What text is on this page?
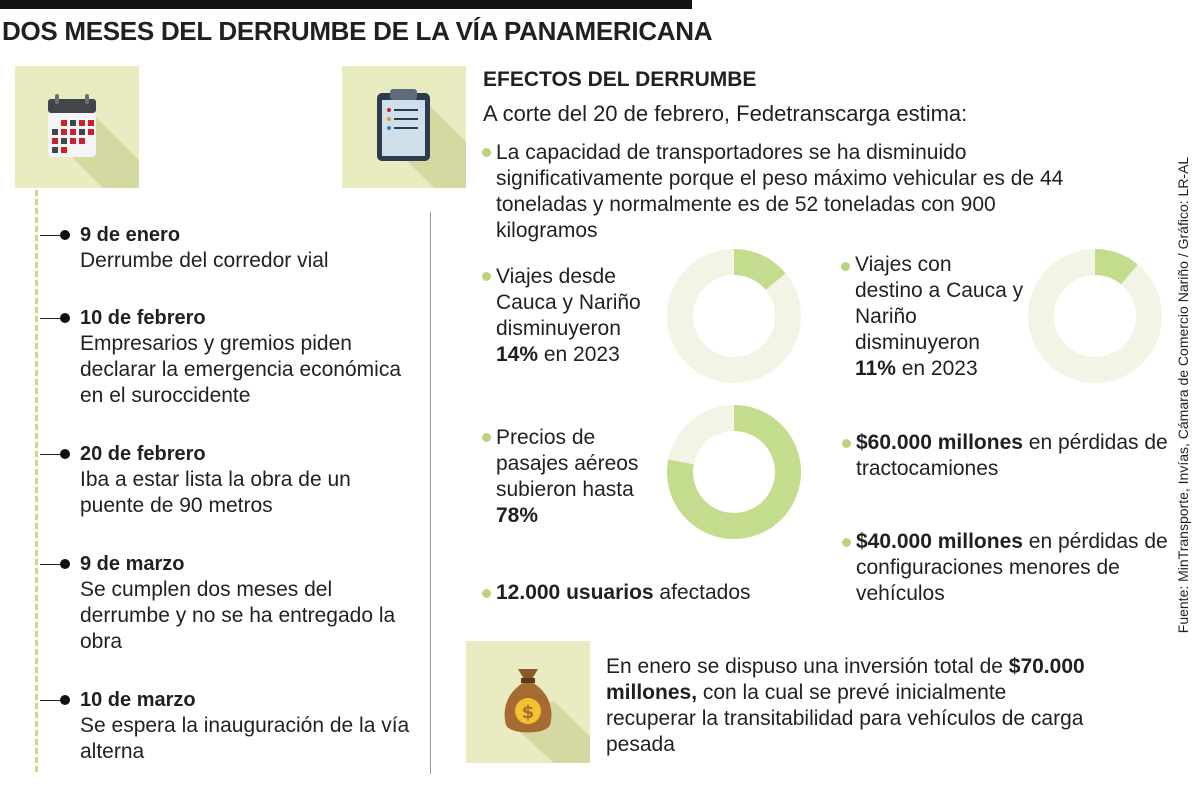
DOS MESES DEL DERRUMBE DE LA VÍA PANAMERICANA
9 de enero
Derrumbe del corredor vial
10 de febrero
Empresarios y gremios piden declarar la emergencia económica en el suroccidente
20 de febrero
Iba a estar lista la obra de un puente de 90 metros
9 de marzo
Se cumplen dos meses del derrumbe y no se ha entregado la obra
10 de marzo
Se espera la inauguración de la vía alterna
EFECTOS DEL DERRUMBE
A corte del 20 de febrero, Fedetranscarga estima:
La capacidad de transportadores se ha disminuido significativamente porque el peso máximo vehicular es de 44 toneladas y normalmente es de 52 toneladas con 900 kilogramos
Viajes desde Cauca y Nariño disminuyeron
14% en 2023
Viajes con destino a Cauca y Nariño disminuyeron
11% en 2023
Precios de pasajes aéreos subieron hasta
78%
$60.000 millones en pérdidas de tractocamiones
$40.000 millones en pérdidas de configuraciones menores de vehículos
12.000 usuarios afectados
$
En enero se dispuso una inversión total de $70.000 millones, con la cual se prevé inicialmente recuperar la transitabilidad para vehículos de carga pesada
Fuente: MinTransporte, Invías, Cámara de Comercio Nariño / Gráfico: LR-AL
